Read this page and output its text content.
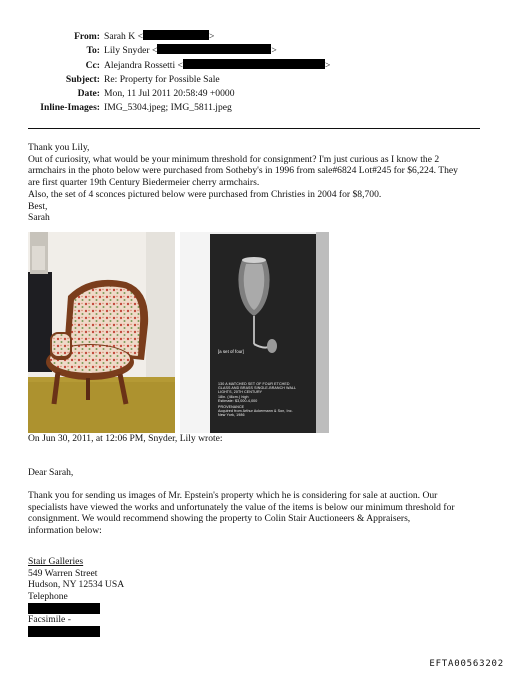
From: Sarah K <	>
To: Lily Snyder <	>
Cc: Alejandra Rossetti <	>
Subject: Re: Property for Possible Sale
Date: Mon, 11 Jul 2011 20:58:49 +0000
Inline-Images: IMG_5304.jpeg; IMG_5811.jpeg
Thank you Lily,
Out of curiosity, what would be your minimum threshold for consignment? I'm just curious as I know the 2
armchairs in the photo below were purchased from Sotheby's in 1996 from sale#6824 Lot#245 for $6,224. They
are first quarter 19th Century Biedermeier cherry armchairs.
Also, the set of 4 sconces pictured below were purchased from Christies in 2004 for $8,700.
Best,
Sarah
[a set of four]
130 A MATCHED SET OF FOUR ETCHED
GLASS AND BRASS SINGLE-BRANCH WALL
LIGHTS, 20TH CENTURY
18in. (46cm.) high
Estimate: $3,000-4,000
PROVENANCE
Acquired from Arthur Ackermann & Son, Inc.
New York, 1986
On Jun 30, 2011, at 12:06 PM, Snyder, Lily wrote:
Dear Sarah,
Thank you for sending us images of Mr. Epstein's property which he is considering for sale at auction. Our
specialists have viewed the works and unfortunately the value of the items is below our minimum threshold for
consignment. We would recommend showing the property to Colin Stair Auctioneers & Appraisers,
information below:
Stair Galleries
549 Warren Street
Hudson, NY 12534 USA
Telephone
Facsimile -
EFTA00563202
